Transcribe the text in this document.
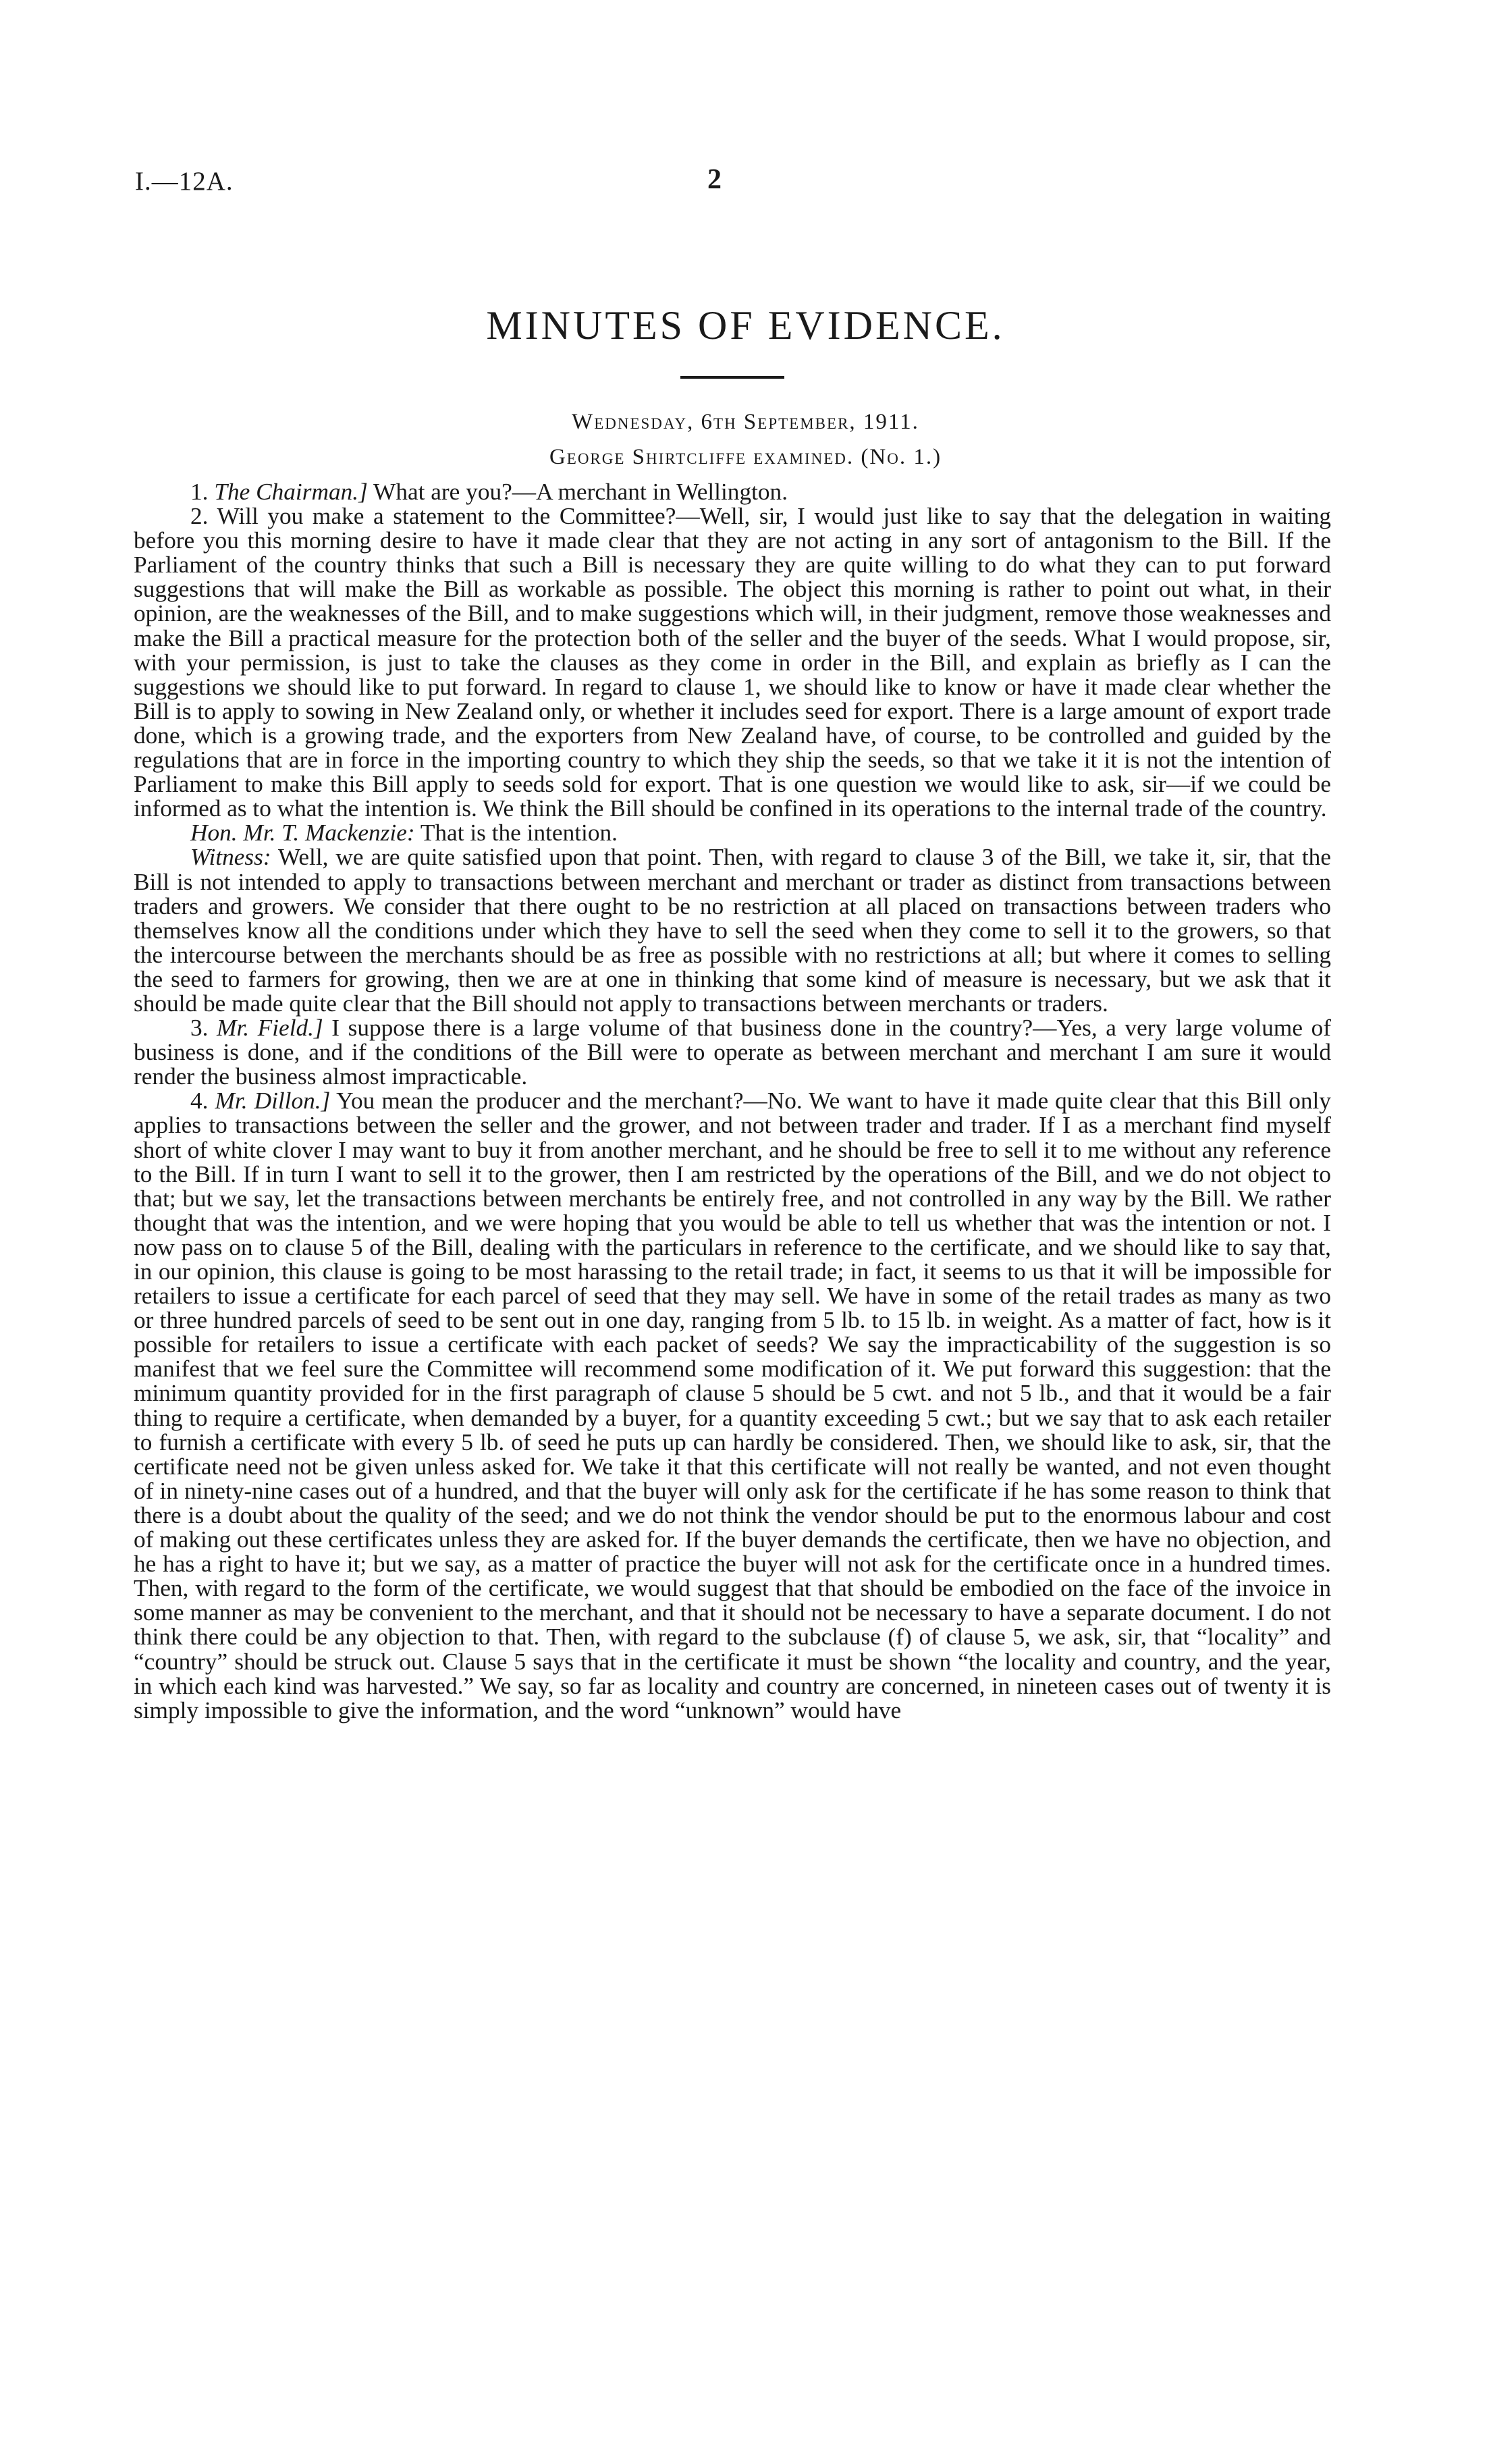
I.—12A.	2
MINUTES OF EVIDENCE.
Wednesday, 6th September, 1911.
George Shirtcliffe examined. (No. 1.)

1. The Chairman.] What are you?—A merchant in Wellington.

2. Will you make a statement to the Committee?—Well, sir, I would just like to say that the delegation in waiting before you this morning desire to have it made clear that they are not acting in any sort of antagonism to the Bill. If the Parliament of the country thinks that such a Bill is necessary they are quite willing to do what they can to put forward suggestions that will make the Bill as workable as possible. The object this morning is rather to point out what, in their opinion, are the weaknesses of the Bill, and to make suggestions which will, in their judgment, remove those weaknesses and make the Bill a practical measure for the protection both of the seller and the buyer of the seeds. What I would propose, sir, with your permission, is just to take the clauses as they come in order in the Bill, and explain as briefly as I can the suggestions we should like to put forward. In regard to clause 1, we should like to know or have it made clear whether the Bill is to apply to sowing in New Zealand only, or whether it includes seed for export. There is a large amount of export trade done, which is a growing trade, and the exporters from New Zealand have, of course, to be controlled and guided by the regulations that are in force in the importing country to which they ship the seeds, so that we take it it is not the intention of Parliament to make this Bill apply to seeds sold for export. That is one question we would like to ask, sir—if we could be informed as to what the intention is. We think the Bill should be confined in its operations to the internal trade of the country.

Hon. Mr. T. Mackenzie: That is the intention.

Witness: Well, we are quite satisfied upon that point. Then, with regard to clause 3 of the Bill, we take it, sir, that the Bill is not intended to apply to transactions between merchant and merchant or trader as distinct from transactions between traders and growers. We consider that there ought to be no restriction at all placed on transactions between traders who themselves know all the conditions under which they have to sell the seed when they come to sell it to the growers, so that the intercourse between the merchants should be as free as possible with no restrictions at all; but where it comes to selling the seed to farmers for growing, then we are at one in thinking that some kind of measure is necessary, but we ask that it should be made quite clear that the Bill should not apply to transactions between merchants or traders.

3. Mr. Field.] I suppose there is a large volume of that business done in the country?—Yes, a very large volume of business is done, and if the conditions of the Bill were to operate as between merchant and merchant I am sure it would render the business almost impracticable.

4. Mr. Dillon.] You mean the producer and the merchant?—No. We want to have it made quite clear that this Bill only applies to transactions between the seller and the grower, and not between trader and trader. If I as a merchant find myself short of white clover I may want to buy it from another merchant, and he should be free to sell it to me without any reference to the Bill. If in turn I want to sell it to the grower, then I am restricted by the operations of the Bill, and we do not object to that; but we say, let the transactions between merchants be entirely free, and not controlled in any way by the Bill. We rather thought that was the intention, and we were hoping that you would be able to tell us whether that was the intention or not. I now pass on to clause 5 of the Bill, dealing with the particulars in reference to the certificate, and we should like to say that, in our opinion, this clause is going to be most harassing to the retail trade; in fact, it seems to us that it will be impossible for retailers to issue a certificate for each parcel of seed that they may sell. We have in some of the retail trades as many as two or three hundred parcels of seed to be sent out in one day, ranging from 5 lb. to 15 lb. in weight. As a matter of fact, how is it possible for retailers to issue a certificate with each packet of seeds? We say the impracticability of the suggestion is so manifest that we feel sure the Committee will recommend some modification of it. We put forward this suggestion: that the minimum quantity provided for in the first paragraph of clause 5 should be 5 cwt. and not 5 lb., and that it would be a fair thing to require a certificate, when demanded by a buyer, for a quantity exceeding 5 cwt.; but we say that to ask each retailer to furnish a certificate with every 5 lb. of seed he puts up can hardly be considered. Then, we should like to ask, sir, that the certificate need not be given unless asked for. We take it that this certificate will not really be wanted, and not even thought of in ninety-nine cases out of a hundred, and that the buyer will only ask for the certificate if he has some reason to think that there is a doubt about the quality of the seed; and we do not think the vendor should be put to the enormous labour and cost of making out these certificates unless they are asked for. If the buyer demands the certificate, then we have no objection, and he has a right to have it; but we say, as a matter of practice the buyer will not ask for the certificate once in a hundred times. Then, with regard to the form of the certificate, we would suggest that that should be embodied on the face of the invoice in some manner as may be convenient to the merchant, and that it should not be necessary to have a separate document. I do not think there could be any objection to that. Then, with regard to the subclause (f) of clause 5, we ask, sir, that “locality” and “country” should be struck out. Clause 5 says that in the certificate it must be shown “the locality and country, and the year, in which each kind was harvested.” We say, so far as locality and country are concerned, in nineteen cases out of twenty it is simply impossible to give the information, and the word “unknown” would have
